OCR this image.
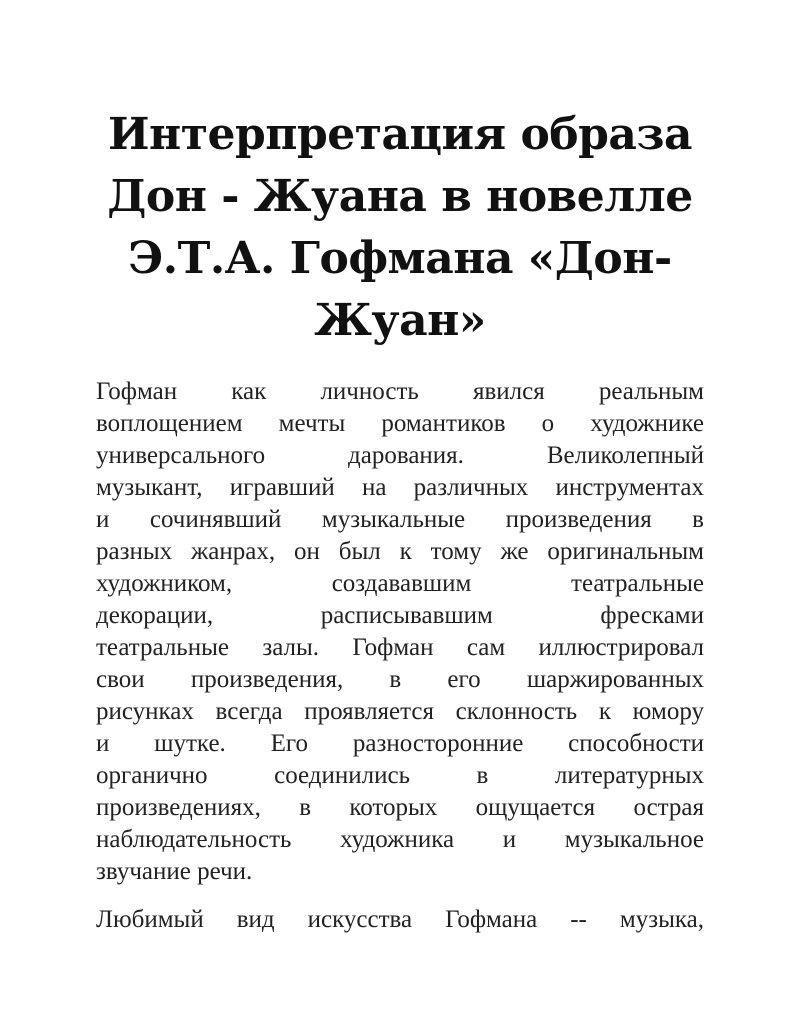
Интерпретация образа
Дон - Жуана в новелле
Э.Т.А. Гофмана «Дон-
Жуан»

Гофман как личность явился реальным
воплощением мечты романтиков о художнике
универсального дарования. Великолепный
музыкант, игравший на различных инструментах
и сочинявший музыкальные произведения в
разных жанрах, он был к тому же оригинальным
художником, создававшим театральные
декорации, расписывавшим фресками
театральные залы. Гофман сам иллюстрировал
свои произведения, в его шаржированных
рисунках всегда проявляется склонность к юмору
и шутке. Его разносторонние способности
органично соединились в литературных
произведениях, в которых ощущается острая
наблюдательность художника и музыкальное
звучание речи.

Любимый вид искусства Гофмана -- музыка,
